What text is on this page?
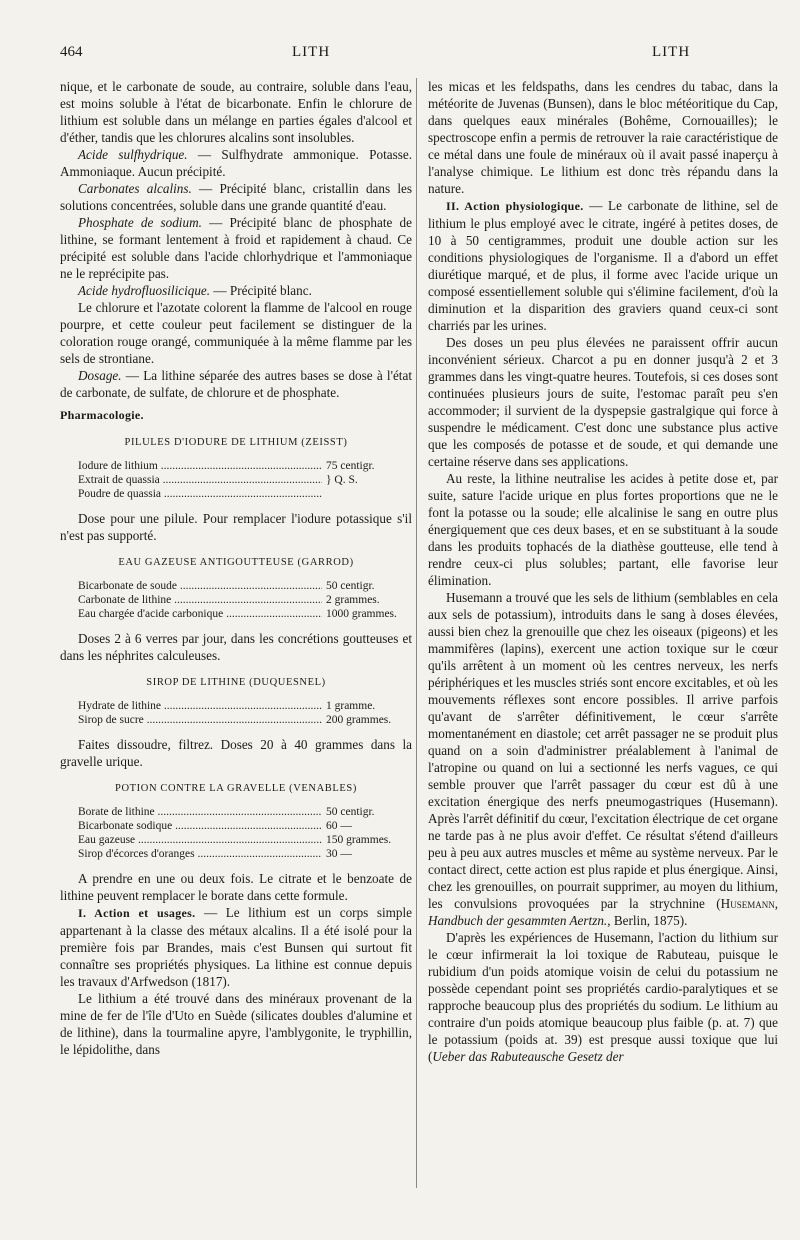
464	LITH	LITH

nique, et le carbonate de soude, au contraire, soluble dans l'eau, est moins soluble à l'état de bicarbonate. Enfin le chlorure de lithium est soluble dans un mélange en parties égales d'alcool et d'éther, tandis que les chlorures alcalins sont insolubles.

Acide sulfhydrique. — Sulfhydrate ammonique. Potasse. Ammoniaque. Aucun précipité.

Carbonates alcalins. — Précipité blanc, cristallin dans les solutions concentrées, soluble dans une grande quantité d'eau.

Phosphate de sodium. — Précipité blanc de phosphate de lithine, se formant lentement à froid et rapidement à chaud. Ce précipité est soluble dans l'acide chlorhydrique et l'ammoniaque ne le reprécipite pas.

Acide hydrofluosilicique. — Précipité blanc.

Le chlorure et l'azotate colorent la flamme de l'alcool en rouge pourpre, et cette couleur peut facilement se distinguer de la coloration rouge orangé, communiquée à la même flamme par les sels de strontiane.

Dosage. — La lithine séparée des autres bases se dose à l'état de carbonate, de sulfate, de chlorure et de phosphate.

Pharmacologie.

PILULES D'IODURE DE LITHIUM (ZEISST)

Iodure de lithium .....	75 centigr.
Extrait de quassia .....	} Q. S.
Poudre de quassia .....

Dose pour une pilule. Pour remplacer l'iodure potassique s'il n'est pas supporté.

EAU GAZEUSE ANTIGOUTTEUSE (GARROD)

Bicarbonate de soude .....	50 centigr.
Carbonate de lithine .....	2 grammes.
Eau chargée d'acide carbonique .....	1000 grammes.

Doses 2 à 6 verres par jour, dans les concrétions goutteuses et dans les néphrites calculeuses.

SIROP DE LITHINE (DUQUESNEL)

Hydrate de lithine .....	1 gramme.
Sirop de sucre .....	200 grammes.

Faites dissoudre, filtrez. Doses 20 à 40 grammes dans la gravelle urique.

POTION CONTRE LA GRAVELLE (VENABLES)

Borate de lithine .....	50 centigr.
Bicarbonate sodique .....	60 —
Eau gazeuse .....	150 grammes.
Sirop d'écorces d'oranges .....	30 —

A prendre en une ou deux fois. Le citrate et le benzoate de lithine peuvent remplacer le borate dans cette formule.

I. Action et usages. — Le lithium est un corps simple appartenant à la classe des métaux alcalins. Il a été isolé pour la première fois par Brandes, mais c'est Bunsen qui surtout fit connaître ses propriétés physiques. La lithine est connue depuis les travaux d'Arfwedson (1817).

Le lithium a été trouvé dans des minéraux provenant de la mine de fer de l'île d'Uto en Suède (silicates doubles d'alumine et de lithine), dans la tourmaline apyre, l'amblygonite, le tryphillin, le lépidolithe, dans

les micas et les feldspaths, dans les cendres du tabac, dans la météorite de Juvenas (Bunsen), dans le bloc météoritique du Cap, dans quelques eaux minérales (Bohême, Cornouailles); le spectroscope enfin a permis de retrouver la raie caractéristique de ce métal dans une foule de minéraux où il avait passé inaperçu à l'analyse chimique. Le lithium est donc très répandu dans la nature.

II. Action physiologique. — Le carbonate de lithine, sel de lithium le plus employé avec le citrate, ingéré à petites doses, de 10 à 50 centigrammes, produit une double action sur les conditions physiologiques de l'organisme. Il a d'abord un effet diurétique marqué, et de plus, il forme avec l'acide urique un composé essentiellement soluble qui s'élimine facilement, d'où la diminution et la disparition des graviers quand ceux-ci sont charriés par les urines.

Des doses un peu plus élevées ne paraissent offrir aucun inconvénient sérieux. Charcot a pu en donner jusqu'à 2 et 3 grammes dans les vingt-quatre heures. Toutefois, si ces doses sont continuées plusieurs jours de suite, l'estomac paraît peu s'en accommoder; il survient de la dyspepsie gastralgique qui force à suspendre le médicament. C'est donc une substance plus active que les composés de potasse et de soude, et qui demande une certaine réserve dans ses applications.

Au reste, la lithine neutralise les acides à petite dose et, par suite, sature l'acide urique en plus fortes proportions que ne le font la potasse ou la soude; elle alcalinise le sang en outre plus énergiquement que ces deux bases, et en se substituant à la soude dans les produits tophacés de la diathèse goutteuse, elle tend à rendre ceux-ci plus solubles; partant, elle favorise leur élimination.

Husemann a trouvé que les sels de lithium (semblables en cela aux sels de potassium), introduits dans le sang à doses élevées, aussi bien chez la grenouille que chez les oiseaux (pigeons) et les mammifères (lapins), exercent une action toxique sur le cœur qu'ils arrêtent à un moment où les centres nerveux, les nerfs périphériques et les muscles striés sont encore excitables, et où les mouvements réflexes sont encore possibles. Il arrive parfois qu'avant de s'arrêter définitivement, le cœur s'arrête momentanément en diastole; cet arrêt passager ne se produit plus quand on a soin d'administrer préalablement à l'animal de l'atropine ou quand on lui a sectionné les nerfs vagues, ce qui semble prouver que l'arrêt passager du cœur est dû à une excitation énergique des nerfs pneumogastriques (Husemann). Après l'arrêt définitif du cœur, l'excitation électrique de cet organe ne tarde pas à ne plus avoir d'effet. Ce résultat s'étend d'ailleurs peu à peu aux autres muscles et même au système nerveux. Par le contact direct, cette action est plus rapide et plus énergique. Ainsi, chez les grenouilles, on pourrait supprimer, au moyen du lithium, les convulsions provoquées par la strychnine (Husemann, Handbuch der gesammten Aertzn., Berlin, 1875).

D'après les expériences de Husemann, l'action du lithium sur le cœur infirmerait la loi toxique de Rabuteau, puisque le rubidium d'un poids atomique voisin de celui du potassium ne possède cependant point ses propriétés cardio-paralytiques et se rapproche beaucoup plus des propriétés du sodium. Le lithium au contraire d'un poids atomique beaucoup plus faible (p. at. 7) que le potassium (poids at. 39) est presque aussi toxique que lui (Ueber das Rabuteausche Gesetz der
